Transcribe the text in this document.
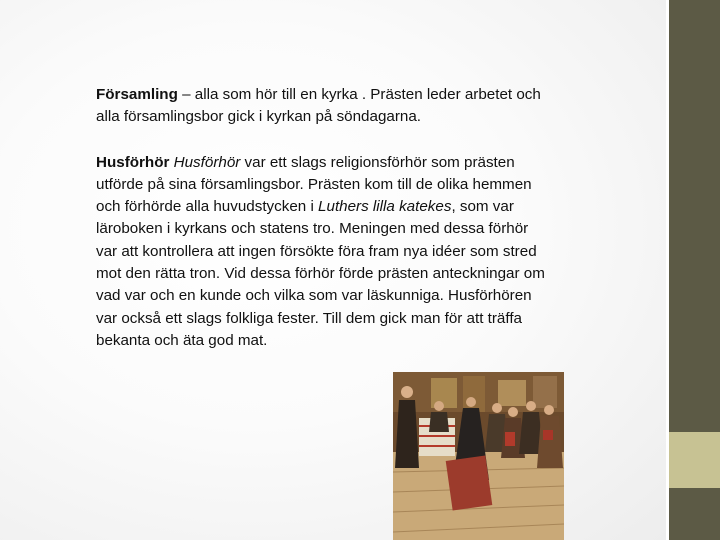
Församling – alla som hör till en kyrka . Prästen leder arbetet och alla församlingsbor gick i kyrkan på söndagarna.

Husförhör Husförhör var ett slags religionsförhör som prästen utförde på sina församlingsbor. Prästen kom till de olika hemmen och förhörde alla huvudstycken i Luthers lilla katekes, som var läroboken i kyrkans och statens tro. Meningen med dessa förhör var att kontrollera att ingen försökte föra fram nya idéer som stred mot den rätta tron. Vid dessa förhör förde prästen anteckningar om vad var och en kunde och vilka som var läskunniga. Husförhören var också ett slags folkliga fester. Till dem gick man för att träffa bekanta och äta god mat.
